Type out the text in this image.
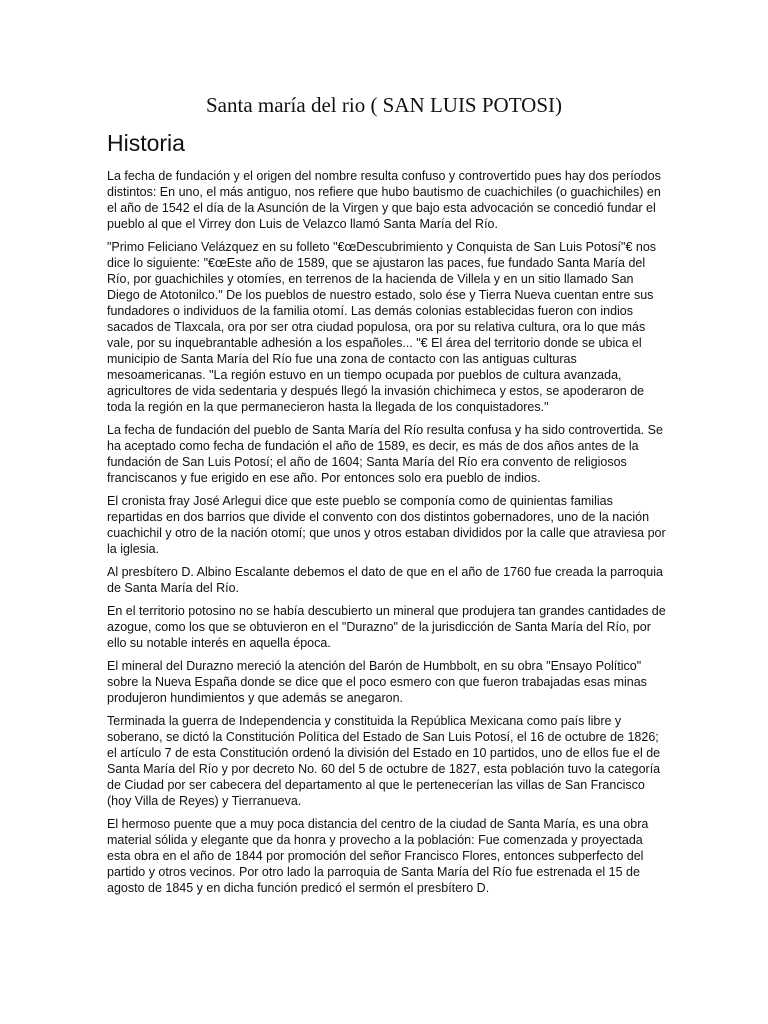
Santa maría del rio ( SAN LUIS POTOSI)
Historia

La fecha de fundación y el origen del nombre resulta confuso y controvertido pues hay dos períodos distintos: En uno, el más antiguo, nos refiere que hubo bautismo de cuachichiles (o guachichiles) en el año de 1542 el día de la Asunción de la Virgen y que bajo esta advocación se concedió fundar el pueblo al que el Virrey don Luis de Velazco llamó Santa María del Río.

"Primo Feliciano Velázquez en su folleto "€œDescubrimiento y Conquista de San Luis Potosí"€ nos dice lo siguiente: "€œEste año de 1589, que se ajustaron las paces, fue fundado Santa María del Río, por guachichiles y otomíes, en terrenos de la hacienda de Villela y en un sitio llamado San Diego de Atotonilco." De los pueblos de nuestro estado, solo ése y Tierra Nueva cuentan entre sus fundadores o individuos de la familia otomí. Las demás colonias establecidas fueron con indios sacados de Tlaxcala, ora por ser otra ciudad populosa, ora por su relativa cultura, ora lo que más vale, por su inquebrantable adhesión a los españoles... "€ El área del territorio donde se ubica el municipio de Santa María del Río fue una zona de contacto con las antiguas culturas mesoamericanas. "La región estuvo en un tiempo ocupada por pueblos de cultura avanzada, agricultores de vida sedentaria y después llegó la invasión chichimeca y estos, se apoderaron de toda la región en la que permanecieron hasta la llegada de los conquistadores."

La fecha de fundación del pueblo de Santa María del Río resulta confusa y ha sido controvertida. Se ha aceptado como fecha de fundación el año de 1589, es decir, es más de dos años antes de la fundación de San Luis Potosí; el año de 1604; Santa María del Río era convento de religiosos franciscanos y fue erigido en ese año. Por entonces solo era pueblo de indios.

El cronista fray José Arlegui dice que este pueblo se componía como de quinientas familias repartidas en dos barrios que divide el convento con dos distintos gobernadores, uno de la nación cuachichil y otro de la nación otomí; que unos y otros estaban divididos por la calle que atraviesa por la iglesia.

Al presbítero D. Albino Escalante debemos el dato de que en el año de 1760 fue creada la parroquia de Santa María del Río.

En el territorio potosino no se había descubierto un mineral que produjera tan grandes cantidades de azogue, como los que se obtuvieron en el "Durazno" de la jurisdicción de Santa María del Río, por ello su notable interés en aquella época.

El mineral del Durazno mereció la atención del Barón de Humbbolt, en su obra "Ensayo Político" sobre la Nueva España donde se dice que el poco esmero con que fueron trabajadas esas minas produjeron hundimientos y que además se anegaron.

Terminada la guerra de Independencia y constituida la República Mexicana como país libre y soberano, se dictó la Constitución Política del Estado de San Luis Potosí, el 16 de octubre de 1826; el artículo 7 de esta Constitución ordenó la división del Estado en 10 partidos, uno de ellos fue el de Santa María del Río y por decreto No. 60 del 5 de octubre de 1827, esta población tuvo la categoría de Ciudad por ser cabecera del departamento al que le pertenecerían las villas de San Francisco (hoy Villa de Reyes) y Tierranueva.

El hermoso puente que a muy poca distancia del centro de la ciudad de Santa María, es una obra material sólida y elegante que da honra y provecho a la población: Fue comenzada y proyectada esta obra en el año de 1844 por promoción del señor Francisco Flores, entonces subperfecto del partido y otros vecinos. Por otro lado la parroquia de Santa María del Río fue estrenada el 15 de agosto de 1845 y en dicha función predicó el sermón el presbítero D.
